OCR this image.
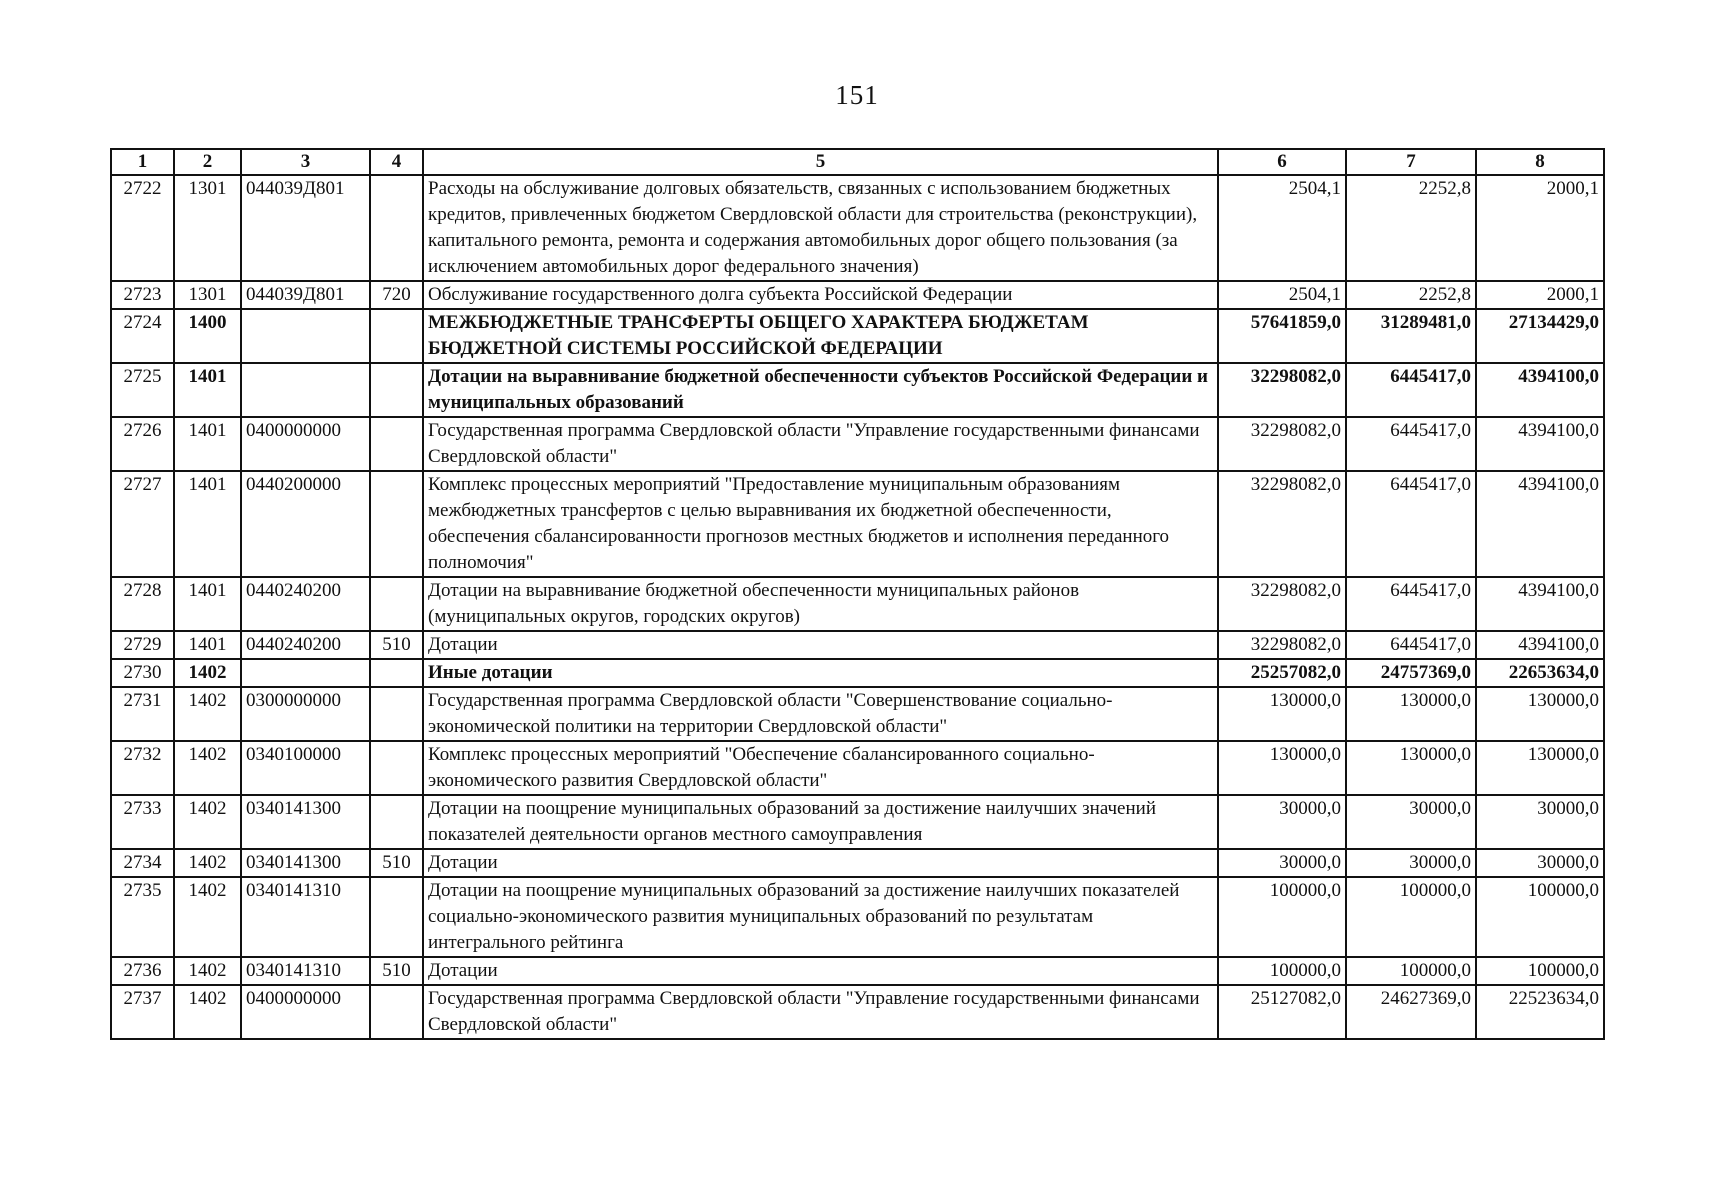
151
1	2	3	4	5	6	7	8
2722	1301	044039Д801		Расходы на обслуживание долговых обязательств, связанных с использованием бюджетных кредитов, привлеченных бюджетом Свердловской области для строительства (реконструкции), капитального ремонта, ремонта и содержания автомобильных дорог общего пользования (за исключением автомобильных дорог федерального значения)	2504,1	2252,8	2000,1
2723	1301	044039Д801	720	Обслуживание государственного долга субъекта Российской Федерации	2504,1	2252,8	2000,1
2724	1400			МЕЖБЮДЖЕТНЫЕ ТРАНСФЕРТЫ ОБЩЕГО ХАРАКТЕРА БЮДЖЕТАМ БЮДЖЕТНОЙ СИСТЕМЫ РОССИЙСКОЙ ФЕДЕРАЦИИ	57641859,0	31289481,0	27134429,0
2725	1401			Дотации на выравнивание бюджетной обеспеченности субъектов Российской Федерации и муниципальных образований	32298082,0	6445417,0	4394100,0
2726	1401	0400000000		Государственная программа Свердловской области "Управление государственными финансами Свердловской области"	32298082,0	6445417,0	4394100,0
2727	1401	0440200000		Комплекс процессных мероприятий "Предоставление муниципальным образованиям межбюджетных трансфертов с целью выравнивания их бюджетной обеспеченности, обеспечения сбалансированности прогнозов местных бюджетов и исполнения переданного полномочия"	32298082,0	6445417,0	4394100,0
2728	1401	0440240200		Дотации на выравнивание бюджетной обеспеченности муниципальных районов (муниципальных округов, городских округов)	32298082,0	6445417,0	4394100,0
2729	1401	0440240200	510	Дотации	32298082,0	6445417,0	4394100,0
2730	1402			Иные дотации	25257082,0	24757369,0	22653634,0
2731	1402	0300000000		Государственная программа Свердловской области "Совершенствование социально-экономической политики на территории Свердловской области"	130000,0	130000,0	130000,0
2732	1402	0340100000		Комплекс процессных мероприятий "Обеспечение сбалансированного социально-экономического развития Свердловской области"	130000,0	130000,0	130000,0
2733	1402	0340141300		Дотации на поощрение муниципальных образований за достижение наилучших значений показателей деятельности органов местного самоуправления	30000,0	30000,0	30000,0
2734	1402	0340141300	510	Дотации	30000,0	30000,0	30000,0
2735	1402	0340141310		Дотации на поощрение муниципальных образований за достижение наилучших показателей социально-экономического развития муниципальных образований по результатам интегрального рейтинга	100000,0	100000,0	100000,0
2736	1402	0340141310	510	Дотации	100000,0	100000,0	100000,0
2737	1402	0400000000		Государственная программа Свердловской области "Управление государственными финансами Свердловской области"	25127082,0	24627369,0	22523634,0
